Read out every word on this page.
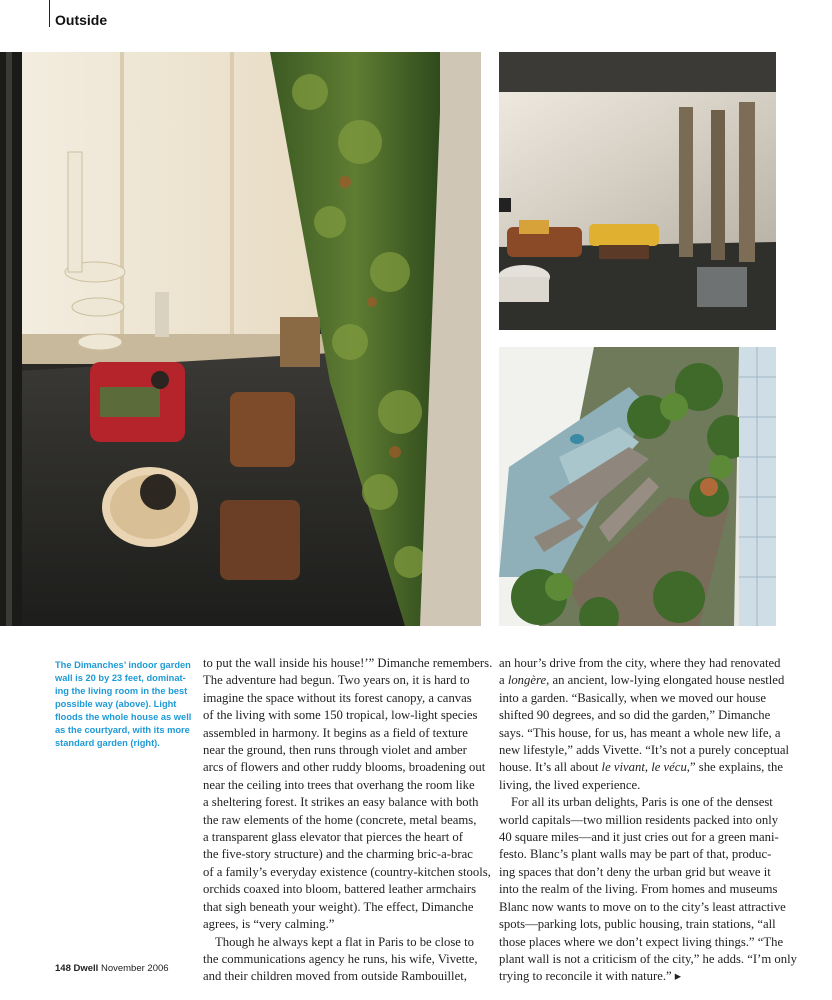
Outside
The Dimanches’ indoor garden
wall is 20 by 23 feet, dominat-
ing the living room in the best
possible way (above). Light
floods the whole house as well
as the courtyard, with its more
standard garden (right).
to put the wall inside his house!’” Dimanche remembers.
The adventure had begun. Two years on, it is hard to
imagine the space without its forest canopy, a canvas
of the living with some 150 tropical, low-light species
assembled in harmony. It begins as a field of texture
near the ground, then runs through violet and amber
arcs of flowers and other ruddy blooms, broadening out
near the ceiling into trees that overhang the room like
a sheltering forest. It strikes an easy balance with both
the raw elements of the home (concrete, metal beams,
a transparent glass elevator that pierces the heart of
the five-story structure) and the charming bric-a-brac
of a family’s everyday existence (country-kitchen stools,
orchids coaxed into bloom, battered leather armchairs
that sigh beneath your weight). The effect, Dimanche
agrees, is “very calming.”
Though he always kept a flat in Paris to be close to
the communications agency he runs, his wife, Vivette,
and their children moved from outside Rambouillet,
an hour’s drive from the city, where they had renovated
a longère, an ancient, low-lying elongated house nestled
into a garden. “Basically, when we moved our house
shifted 90 degrees, and so did the garden,” Dimanche
says. “This house, for us, has meant a whole new life, a
new lifestyle,” adds Vivette. “It’s not a purely conceptual
house. It’s all about le vivant, le vécu,” she explains, the
living, the lived experience.
For all its urban delights, Paris is one of the densest
world capitals—two million residents packed into only
40 square miles—and it just cries out for a green mani-
festo. Blanc’s plant walls may be part of that, produc-
ing spaces that don’t deny the urban grid but weave it
into the realm of the living. From homes and museums
Blanc now wants to move on to the city’s least attractive
spots—parking lots, public housing, train stations, “all
those places where we don’t expect living things.” “The
plant wall is not a criticism of the city,” he adds. “I’m only
trying to reconcile it with nature.” ▸
148 Dwell November 2006
